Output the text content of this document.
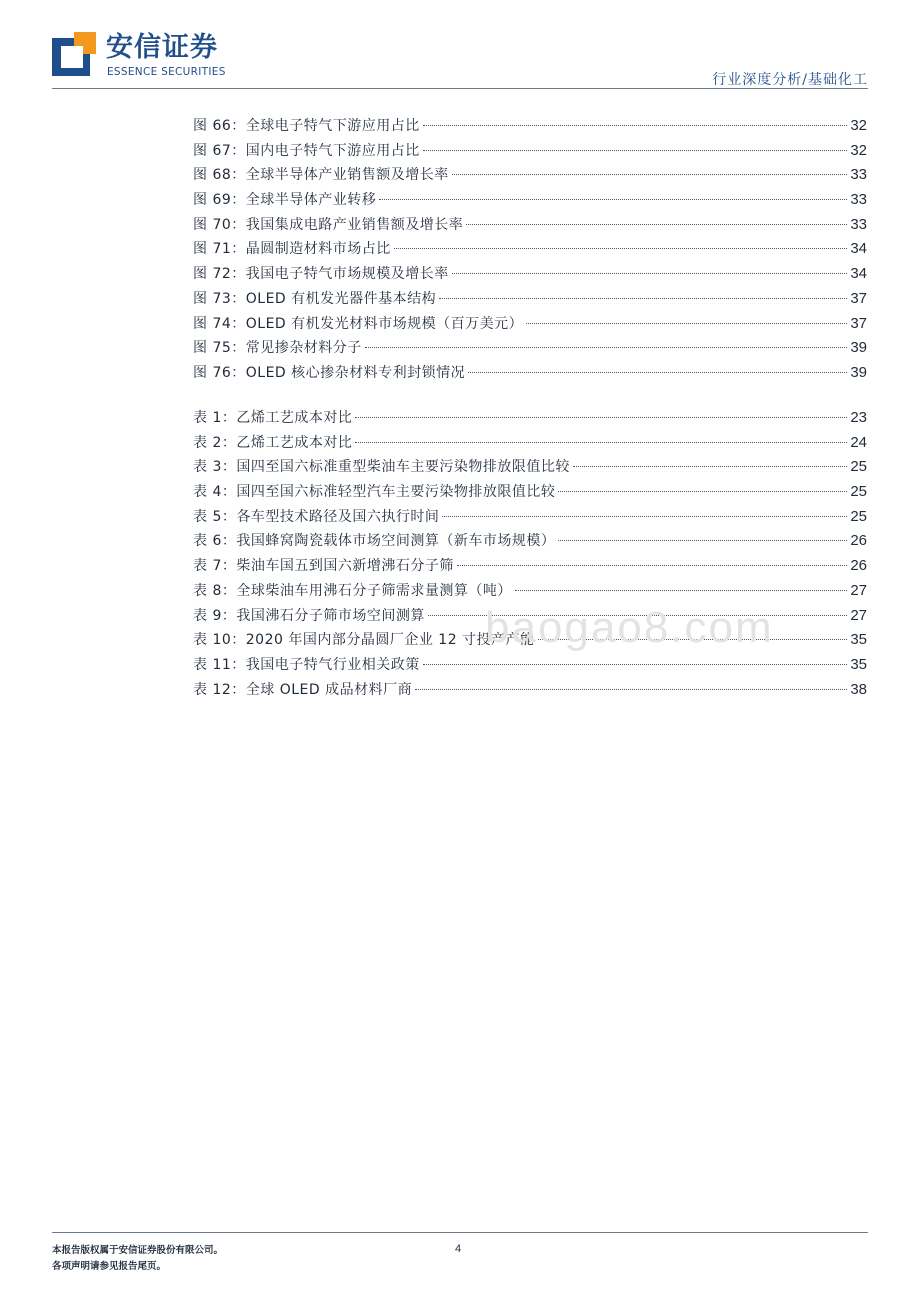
安信证券
ESSENCE SECURITIES	行业深度分析/基础化工
图 66：全球电子特气下游应用占比	32
图 67：国内电子特气下游应用占比	32
图 68：全球半导体产业销售额及增长率	33
图 69：全球半导体产业转移	33
图 70：我国集成电路产业销售额及增长率	33
图 71：晶圆制造材料市场占比	34
图 72：我国电子特气市场规模及增长率	34
图 73：OLED 有机发光器件基本结构	37
图 74：OLED 有机发光材料市场规模（百万美元）	37
图 75：常见掺杂材料分子	39
图 76：OLED 核心掺杂材料专利封锁情况	39
表 1：乙烯工艺成本对比	23
表 2：乙烯工艺成本对比	24
表 3：国四至国六标准重型柴油车主要污染物排放限值比较	25
表 4：国四至国六标准轻型汽车主要污染物排放限值比较	25
表 5：各车型技术路径及国六执行时间	25
表 6：我国蜂窝陶瓷载体市场空间测算（新车市场规模）	26
表 7：柴油车国五到国六新增沸石分子筛	26
表 8：全球柴油车用沸石分子筛需求量测算（吨）	27
表 9：我国沸石分子筛市场空间测算	27
表 10：2020 年国内部分晶圆厂企业 12 寸投产产能	35
表 11：我国电子特气行业相关政策	35
表 12：全球 OLED 成品材料厂商	38
baogao8.com
本报告版权属于安信证券股份有限公司。
各项声明请参见报告尾页。
4
